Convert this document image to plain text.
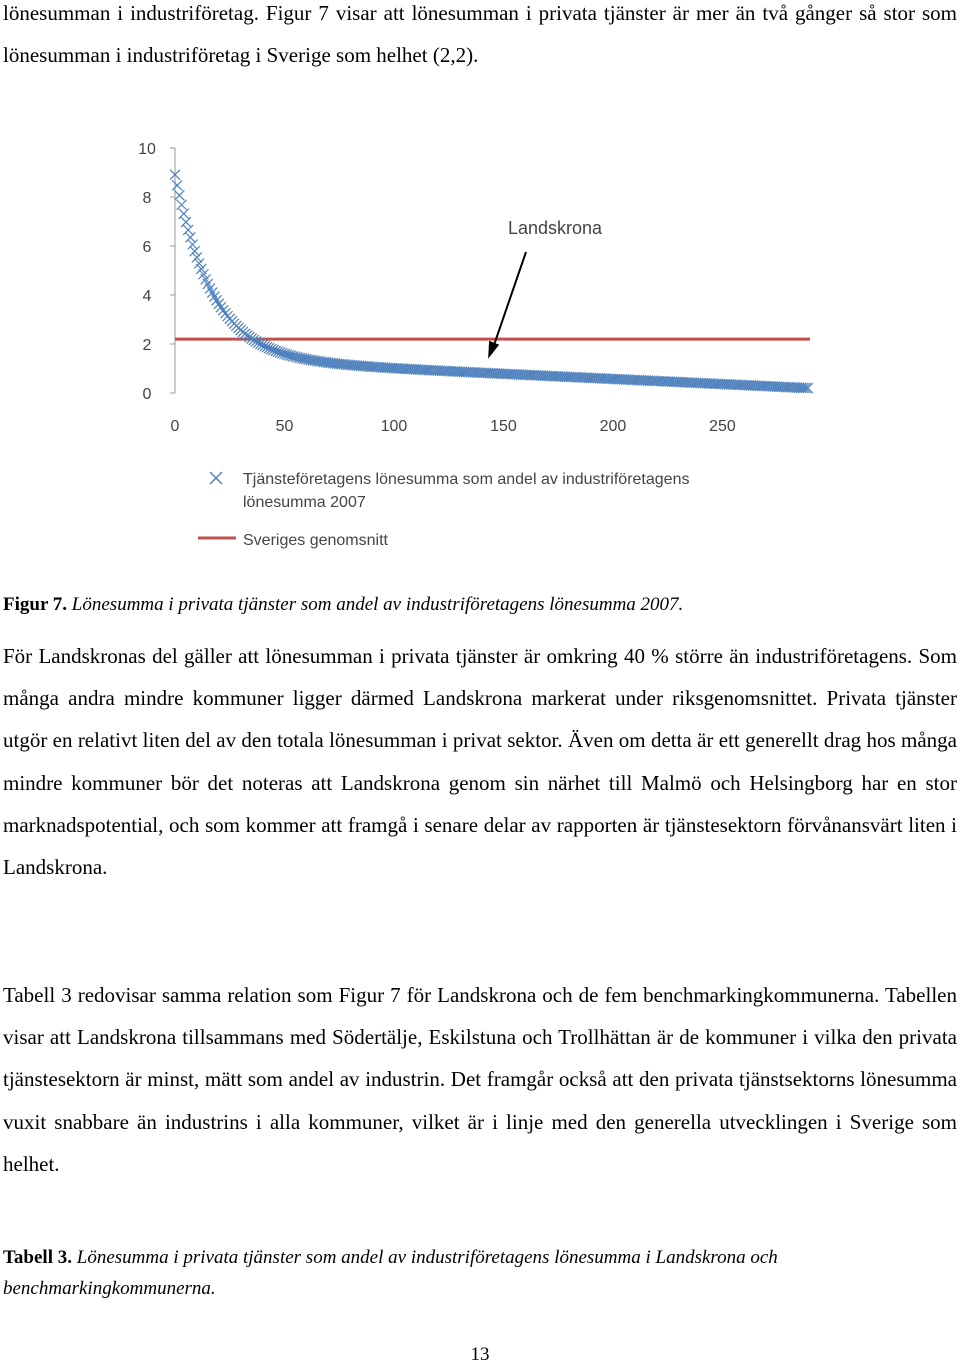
lönesumman i industriföretag. Figur 7 visar att lönesumman i privata tjänster är mer än två gånger så stor som lönesumman i industriföretag i Sverige som helhet (2,2).

0
2
4
6
8
10
0	50	100	150	200	250
Landskrona
Tjänsteföretagens lönesumma som andel av industriföretagens
lönesumma 2007
Sveriges genomsnitt

Figur 7. Lönesumma i privata tjänster som andel av industriföretagens lönesumma 2007.

För Landskronas del gäller att lönesumman i privata tjänster är omkring 40 % större än industriföretagens. Som många andra mindre kommuner ligger därmed Landskrona markerat under riksgenomsnittet. Privata tjänster utgör en relativt liten del av den totala lönesumman i privat sektor. Även om detta är ett generellt drag hos många mindre kommuner bör det noteras att Landskrona genom sin närhet till Malmö och Helsingborg har en stor marknadspotential, och som kommer att framgå i senare delar av rapporten är tjänstesektorn förvånansvärt liten i Landskrona.

Tabell 3 redovisar samma relation som Figur 7 för Landskrona och de fem benchmarkingkommunerna. Tabellen visar att Landskrona tillsammans med Södertälje, Eskilstuna och Trollhättan är de kommuner i vilka den privata tjänstesektorn är minst, mätt som andel av industrin. Det framgår också att den privata tjänstsektorns lönesumma vuxit snabbare än industrins i alla kommuner, vilket är i linje med den generella utvecklingen i Sverige som helhet.

Tabell 3. Lönesumma i privata tjänster som andel av industriföretagens lönesumma i Landskrona och benchmarkingkommunerna.

13
